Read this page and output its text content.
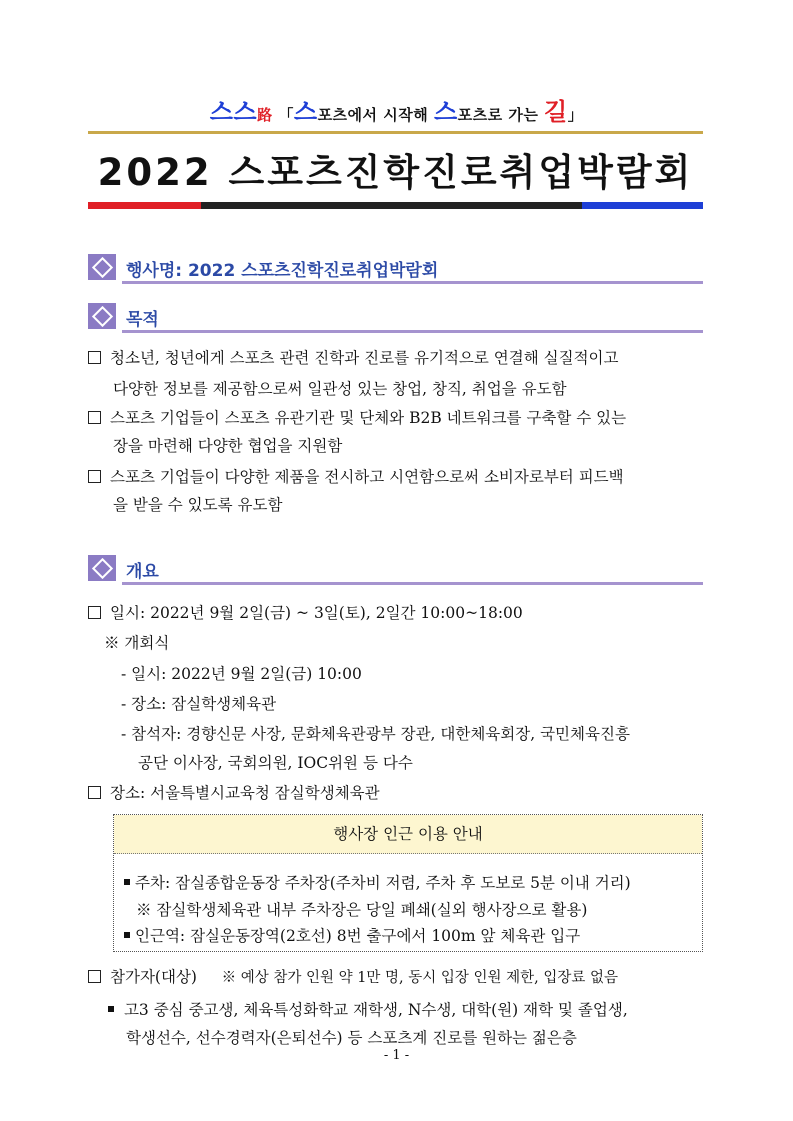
스스路 「스포츠에서 시작해 스포츠로 가는 길」
2022 스포츠진학진로취업박람회
행사명: 2022 스포츠진학진로취업박람회
목적
청소년, 청년에게 스포츠 관련 진학과 진로를 유기적으로 연결해 실질적이고
다양한 정보를 제공함으로써 일관성 있는 창업, 창직, 취업을 유도함
스포츠 기업들이 스포츠 유관기관 및 단체와 B2B 네트워크를 구축할 수 있는
장을 마련해 다양한 협업을 지원함
스포츠 기업들이 다양한 제품을 전시하고 시연함으로써 소비자로부터 피드백
을 받을 수 있도록 유도함
개요
일시: 2022년 9월 2일(금) ~ 3일(토), 2일간 10:00~18:00
※ 개회식
- 일시: 2022년 9월 2일(금) 10:00
- 장소: 잠실학생체육관
- 참석자: 경향신문 사장, 문화체육관광부 장관, 대한체육회장, 국민체육진흥
공단 이사장, 국회의원, IOC위원 등 다수
장소: 서울특별시교육청 잠실학생체육관
행사장 인근 이용 안내
주차: 잠실종합운동장 주차장(주차비 저렴, 주차 후 도보로 5분 이내 거리)
※ 잠실학생체육관 내부 주차장은 당일 폐쇄(실외 행사장으로 활용)
인근역: 잠실운동장역(2호선) 8번 출구에서 100m 앞 체육관 입구
참가자(대상) ※ 예상 참가 인원 약 1만 명, 동시 입장 인원 제한, 입장료 없음
고3 중심 중고생, 체육특성화학교 재학생, N수생, 대학(원) 재학 및 졸업생,
학생선수, 선수경력자(은퇴선수) 등 스포츠계 진로를 원하는 젊은층
- 1 -
